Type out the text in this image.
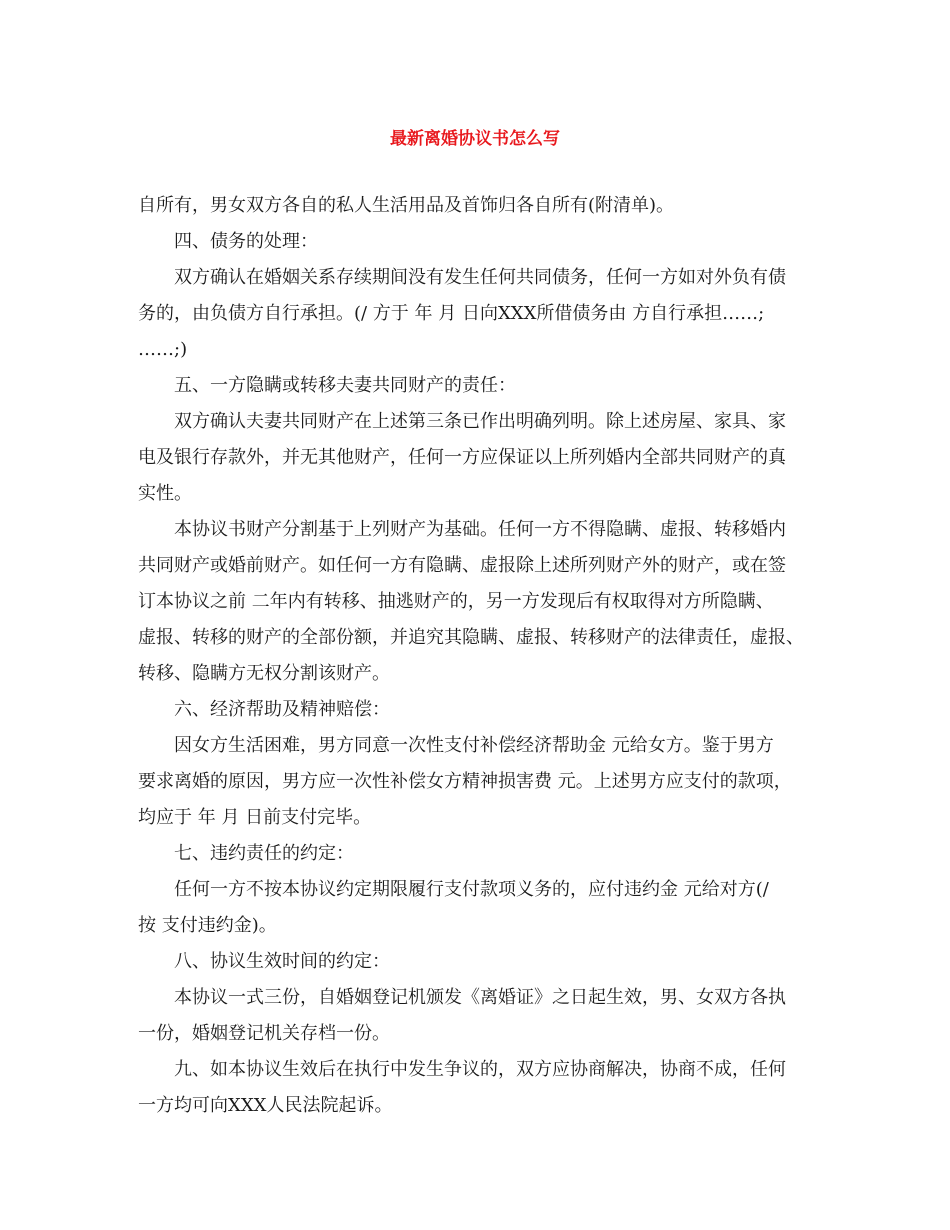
最新离婚协议书怎么写

自所有，男女双方各自的私人生活用品及首饰归各自所有(附清单)。

四、债务的处理：

双方确认在婚姻关系存续期间没有发生任何共同债务，任何一方如对外负有债

务的，由负债方自行承担。(/ 方于 年 月 日向XXX所借债务由 方自行承担……;

……;)

五、一方隐瞒或转移夫妻共同财产的责任：

双方确认夫妻共同财产在上述第三条已作出明确列明。除上述房屋、家具、家

电及银行存款外，并无其他财产，任何一方应保证以上所列婚内全部共同财产的真

实性。

本协议书财产分割基于上列财产为基础。任何一方不得隐瞒、虚报、转移婚内

共同财产或婚前财产。如任何一方有隐瞒、虚报除上述所列财产外的财产，或在签

订本协议之前 二年内有转移、抽逃财产的，另一方发现后有权取得对方所隐瞒、

虚报、转移的财产的全部份额，并追究其隐瞒、虚报、转移财产的法律责任，虚报、

转移、隐瞒方无权分割该财产。

六、经济帮助及精神赔偿：

因女方生活困难，男方同意一次性支付补偿经济帮助金 元给女方。鉴于男方

要求离婚的原因，男方应一次性补偿女方精神损害费 元。上述男方应支付的款项，

均应于 年 月 日前支付完毕。

七、违约责任的约定：

任何一方不按本协议约定期限履行支付款项义务的，应付违约金 元给对方(/

按 支付违约金)。

八、协议生效时间的约定：

本协议一式三份，自婚姻登记机颁发《离婚证》之日起生效，男、女双方各执

一份，婚姻登记机关存档一份。

九、如本协议生效后在执行中发生争议的，双方应协商解决，协商不成，任何

一方均可向XXX人民法院起诉。
